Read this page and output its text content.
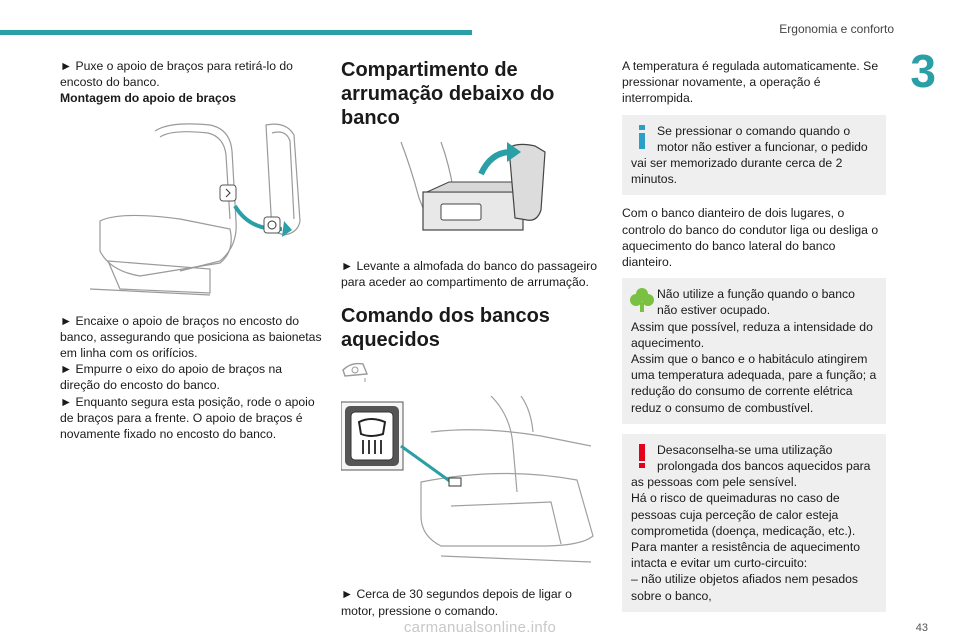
Ergonomia e conforto
3

► Puxe o apoio de braços para retirá-lo do encosto do banco.

Montagem do apoio de braços

► Encaixe o apoio de braços no encosto do banco, assegurando que posiciona as baionetas em linha com os orifícios.

► Empurre o eixo do apoio de braços na direção do encosto do banco.

► Enquanto segura esta posição, rode o apoio de braços para a frente. O apoio de braços é novamente fixado no encosto do banco.

Compartimento de arrumação debaixo do banco

► Levante a almofada do banco do passageiro para aceder ao compartimento de arrumação.

Comando dos bancos aquecidos

► Cerca de 30 segundos depois de ligar o motor, pressione o comando.

A temperatura é regulada automaticamente. Se pressionar novamente, a operação é interrompida.

Se pressionar o comando quando o motor não estiver a funcionar, o pedido

vai ser memorizado durante cerca de 2 minutos.

Com o banco dianteiro de dois lugares, o controlo do banco do condutor liga ou desliga o aquecimento do banco lateral do banco dianteiro.

Não utilize a função quando o banco não estiver ocupado.

Assim que possível, reduza a intensidade do aquecimento.

Assim que o banco e o habitáculo atingirem uma temperatura adequada, pare a função; a redução do consumo de corrente elétrica reduz o consumo de combustível.

Desaconselha-se uma utilização prolongada dos bancos aquecidos para

as pessoas com pele sensível.

Há o risco de queimaduras no caso de pessoas cuja perceção de calor esteja comprometida (doença, medicação, etc.).

Para manter a resistência de aquecimento intacta e evitar um curto-circuito:

– não utilize objetos afiados nem pesados sobre o banco,

43
carmanualsonline.info
